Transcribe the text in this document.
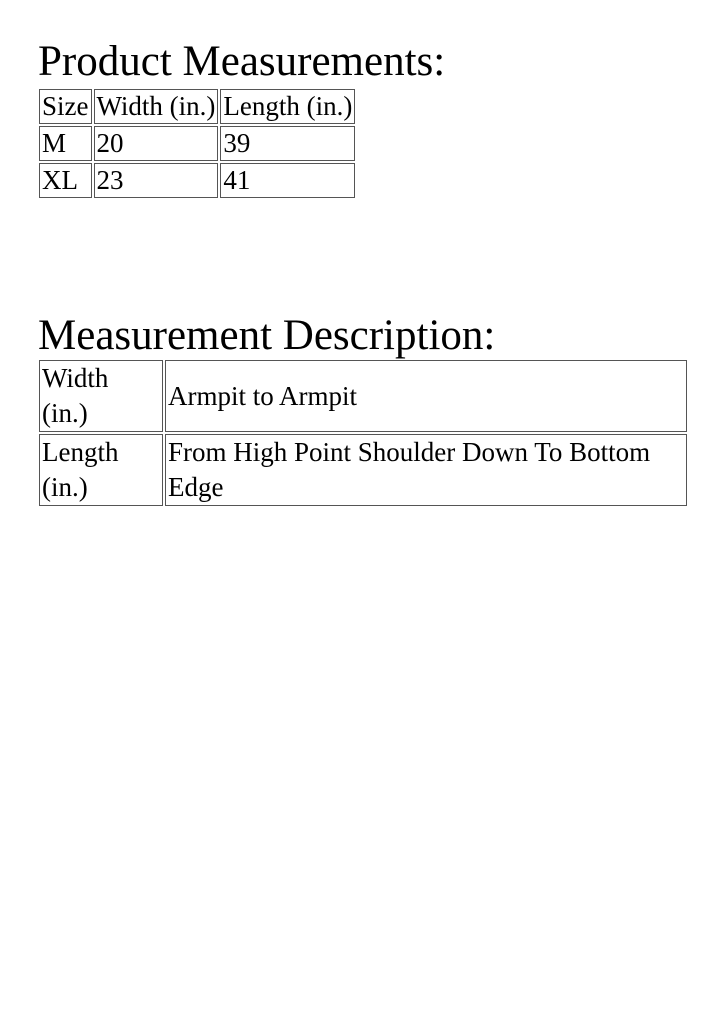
Product Measurements:
Size	Width (in.)	Length (in.)
M	20	39
XL	23	41
Measurement Description:
Width (in.)	Armpit to Armpit
Length (in.)	From High Point Shoulder Down To Bottom Edge
